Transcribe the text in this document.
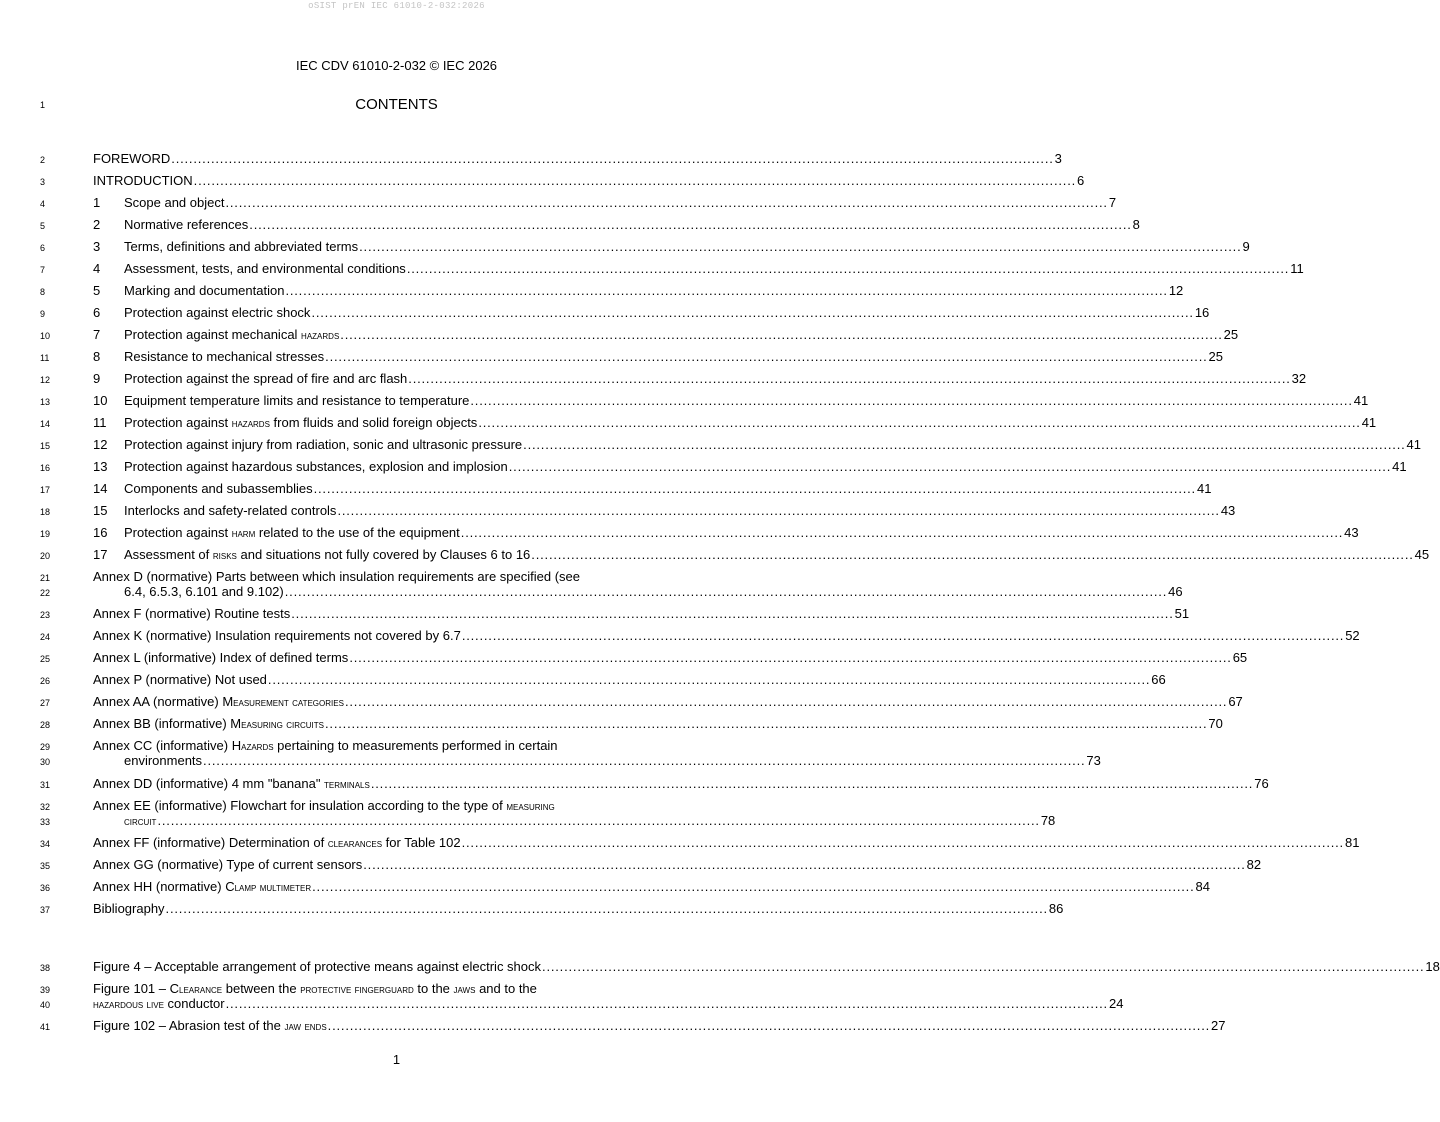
oSIST prEN IEC 61010-2-032:2026
IEC CDV 61010-2-032 © IEC 2026
CONTENTS
1
2
3
4
5
6
7
8
9
10
11
12
13
14
15
16
17
18
19
20
21
22
23
24
25
26
27
28
29
30
31
32
33
34
35
36
37
38
39
40
41
FOREWORD ........................................................................................................................................................................................................ 3
INTRODUCTION ........................................................................................................................................................................................................ 6
1	Scope and object ........................................................................................................................................................................................................ 7
2	Normative references ........................................................................................................................................................................................................ 8
3	Terms, definitions and abbreviated terms ........................................................................................................................................................................................................ 9
4	Assessment, tests, and environmental conditions ........................................................................................................................................................................................................ 11
5	Marking and documentation ........................................................................................................................................................................................................ 12
6	Protection against electric shock ........................................................................................................................................................................................................ 16
7	Protection against mechanical hazards ........................................................................................................................................................................................................ 25
8	Resistance to mechanical stresses ........................................................................................................................................................................................................ 25
9	Protection against the spread of fire and arc flash ........................................................................................................................................................................................................ 32
10	Equipment temperature limits and resistance to temperature ........................................................................................................................................................................................................ 41
11	Protection against hazards from fluids and solid foreign objects ........................................................................................................................................................................................................ 41
12	Protection against injury from radiation, sonic and ultrasonic pressure ........................................................................................................................................................................................................ 41
13	Protection against hazardous substances, explosion and implosion ........................................................................................................................................................................................................ 41
14	Components and subassemblies ........................................................................................................................................................................................................ 41
15	Interlocks and safety-related controls ........................................................................................................................................................................................................ 43
16	Protection against harm related to the use of the equipment ........................................................................................................................................................................................................ 43
17	Assessment of risks and situations not fully covered by Clauses 6 to 16 ........................................................................................................................................................................................................ 45
Annex D (normative) Parts between which insulation requirements are specified (see
6.4, 6.5.3, 6.101 and 9.102) ........................................................................................................................................................................................................ 46
Annex F (normative) Routine tests ........................................................................................................................................................................................................ 51
Annex K (normative) Insulation requirements not covered by 6.7 ........................................................................................................................................................................................................ 52
Annex L (informative) Index of defined terms ........................................................................................................................................................................................................ 65
Annex P (normative) Not used ........................................................................................................................................................................................................ 66
Annex AA (normative) Measurement categories ........................................................................................................................................................................................................ 67
Annex BB (informative) Measuring circuits ........................................................................................................................................................................................................ 70
Annex CC (informative) Hazards pertaining to measurements performed in certain
environments ........................................................................................................................................................................................................ 73
Annex DD (informative) 4 mm "banana" terminals ........................................................................................................................................................................................................ 76
Annex EE (informative) Flowchart for insulation according to the type of measuring
circuit ........................................................................................................................................................................................................ 78
Annex FF (informative) Determination of clearances for Table 102 ........................................................................................................................................................................................................ 81
Annex GG (normative) Type of current sensors ........................................................................................................................................................................................................ 82
Annex HH (normative) Clamp multimeter ........................................................................................................................................................................................................ 84
Bibliography ........................................................................................................................................................................................................ 86
Figure 4 – Acceptable arrangement of protective means against electric shock ........................................................................................................................................................................................................ 18
Figure 101 – Clearance between the protective fingerguard to the jaws and to the
hazardous live conductor ........................................................................................................................................................................................................ 24
Figure 102 – Abrasion test of the jaw ends ........................................................................................................................................................................................................ 27
1
